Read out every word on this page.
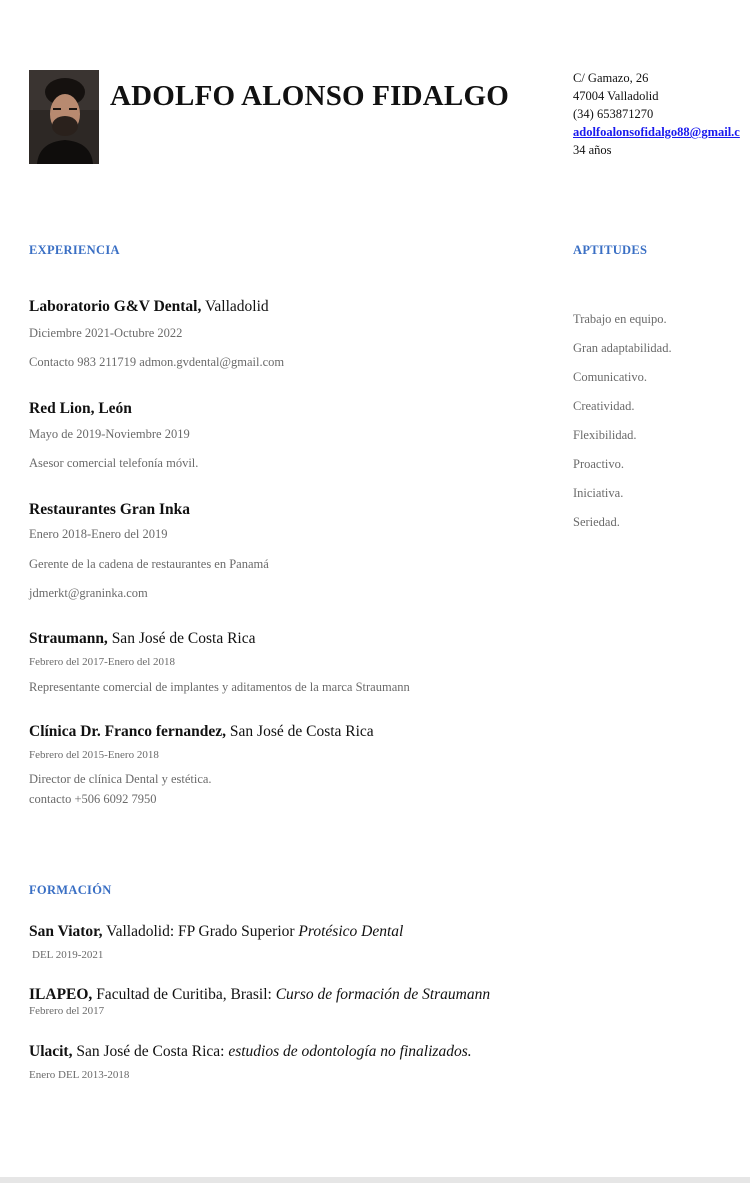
ADOLFO ALONSO FIDALGO
C/ Gamazo, 26
47004 Valladolid
(34) 653871270
adolfoalonsofidalgo88@gmail.c
34 años
EXPERIENCIA
Laboratorio G&V Dental, Valladolid
Diciembre 2021-Octubre 2022
Contacto 983 211719 admon.gvdental@gmail.com
Red Lion, León
Mayo de 2019-Noviembre 2019
Asesor comercial telefonía móvil.
Restaurantes Gran Inka
Enero 2018-Enero del 2019
Gerente de la cadena de restaurantes en Panamá
jdmerkt@graninka.com
Straumann, San José de Costa Rica
Febrero del 2017-Enero del 2018
Representante comercial de implantes y aditamentos de la marca Straumann
Clínica Dr. Franco fernandez, San José de Costa Rica
Febrero del 2015-Enero 2018
Director de clínica Dental y estética.
contacto +506 6092 7950
APTITUDES
Trabajo en equipo.
Gran adaptabilidad.
Comunicativo.
Creatividad.
Flexibilidad.
Proactivo.
Iniciativa.
Seriedad.
FORMACIÓN
San Viator, Valladolid: FP Grado Superior Protésico Dental
DEL 2019-2021
ILAPEO, Facultad de Curitiba, Brasil: Curso de formación de Straumann
Febrero del 2017
Ulacit, San José de Costa Rica: estudios de odontología no finalizados.
Enero DEL 2013-2018
